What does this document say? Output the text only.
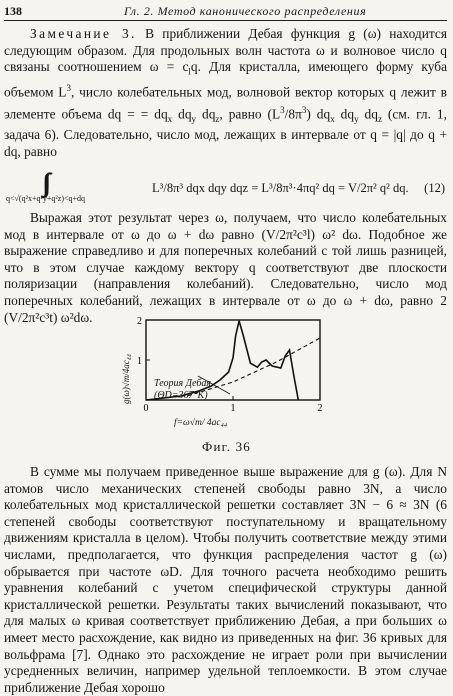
138	Гл. 2. Метод канонического распределения

Замечание 3. В приближении Дебая функция g (ω) находится следующим образом. Для продольных волн частота ω и волновое число q связаны соотношением $\omega = c_lq$. Для кристалла, имеющего форму куба объемом $L^3$, число колебательных мод, волновой вектор которых q лежит в элементе объема dq = = $dq_x$ $dq_y$ $dq_z$, равно $(L^3/8\pi^3)$ $dq_x$ $dq_y$ $dq_z$ (см. гл. 1, задача 6). Следовательно, число мод, лежащих в интервале от q = |q| до q + dq, равно

q<√(q²x+q²y+q²z)<q+dq
L³/8π³ dqx dqy dqz = L³/8π³·4πq² dq = V/2π² q² dq. (12)

Выражая этот результат через ω, получаем, что число колебательных мод в интервале от ω до ω + dω равно (V/2π²c³l) ω² dω. Подобное же выражение справедливо и для поперечных колебаний с той лишь разницей, что в этом случае каждому вектору q соответствуют две плоскости поляризации (направления колебаний). Следовательно, число мод поперечных колебаний, лежащих в интервале от ω до ω + dω, равно 2 (V/2π²c³t) ω²dω.

0	1	2
1
2
g(ω)√m/4ac₄₄ Теория Дебая
(ΘD=367°K)
f=ω√m/ 4ac₄₄
Фиг. 36

В сумме мы получаем приведенное выше выражение для g (ω). Для N атомов число механических степеней свободы равно 3N, а число колебательных мод кристаллической решетки составляет 3N − 6 ≈ 3N (6 степеней свободы соответствуют поступательному и вращательному движениям кристалла в целом). Чтобы получить соответствие между этими числами, предполагается, что функция распределения частот g (ω) обрывается при частоте ωD. Для точного расчета необходимо решить уравнения колебаний с учетом специфической структуры данной кристаллической решетки. Результаты таких вычислений показывают, что для малых ω кривая соответствует приближению Дебая, а при больших ω имеет место расхождение, как видно из приведенных на фиг. 36 кривых для вольфрама [7]. Однако это расхождение не играет роли при вычислении усредненных величин, например удельной теплоемкости. В этом случае приближение Дебая хорошо
